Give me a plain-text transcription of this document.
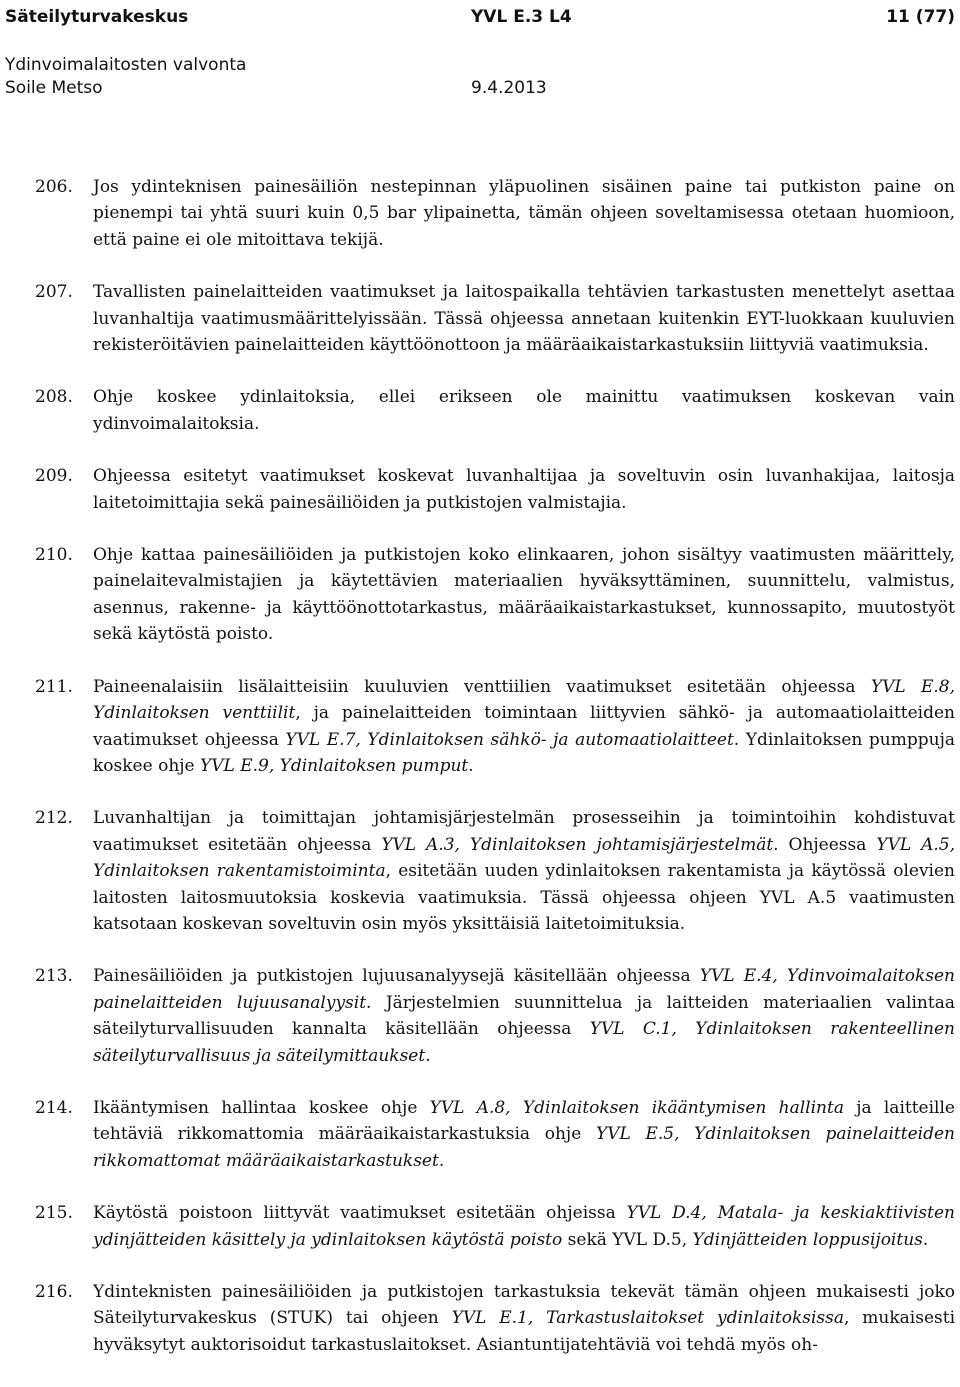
Säteilyturvakeskus	YVL E.3 L4	11 (77)
Ydinvoimalaitosten valvonta
Soile Metso	9.4.2013
206. Jos ydinteknisen painesäiliön nestepinnan yläpuolinen sisäinen paine tai putkiston paine on pienempi tai yhtä suuri kuin 0,5 bar ylipainetta, tämän ohjeen soveltamisessa otetaan huomioon, että paine ei ole mitoittava tekijä.
207. Tavallisten painelaitteiden vaatimukset ja laitospaikalla tehtävien tarkastusten menettelyt asettaa luvanhaltija vaatimusmäärittelyissään. Tässä ohjeessa annetaan kuitenkin EYT-luokkaan kuuluvien rekisteröitävien painelaitteiden käyttöönottoon ja määräaikaistarkastuksiin liittyviä vaatimuksia.
208. Ohje koskee ydinlaitoksia, ellei erikseen ole mainittu vaatimuksen koskevan vain ydinvoimalaitoksia.
209. Ohjeessa esitetyt vaatimukset koskevat luvanhaltijaa ja soveltuvin osin luvanhakijaa, laitosja laitetoimittajia sekä painesäiliöiden ja putkistojen valmistajia.
210. Ohje kattaa painesäiliöiden ja putkistojen koko elinkaaren, johon sisältyy vaatimusten määrittely, painelaitevalmistajien ja käytettävien materiaalien hyväksyttäminen, suunnittelu, valmistus, asennus, rakenne- ja käyttöönottotarkastus, määräaikaistarkastukset, kunnossapito, muutostyöt sekä käytöstä poisto.
211. Paineenalaisiin lisälaitteisiin kuuluvien venttiilien vaatimukset esitetään ohjeessa YVL E.8, Ydinlaitoksen venttiilit, ja painelaitteiden toimintaan liittyvien sähkö- ja automaatiolaitteiden vaatimukset ohjeessa YVL E.7, Ydinlaitoksen sähkö- ja automaatiolaitteet. Ydinlaitoksen pumppuja koskee ohje YVL E.9, Ydinlaitoksen pumput.
212. Luvanhaltijan ja toimittajan johtamisjärjestelmän prosesseihin ja toimintoihin kohdistuvat vaatimukset esitetään ohjeessa YVL A.3, Ydinlaitoksen johtamisjärjestelmät. Ohjeessa YVL A.5, Ydinlaitoksen rakentamistoiminta, esitetään uuden ydinlaitoksen rakentamista ja käytössä olevien laitosten laitosmuutoksia koskevia vaatimuksia. Tässä ohjeessa ohjeen YVL A.5 vaatimusten katsotaan koskevan soveltuvin osin myös yksittäisiä laitetoimituksia.
213. Painesäiliöiden ja putkistojen lujuusanalyysejä käsitellään ohjeessa YVL E.4, Ydinvoimalaitoksen painelaitteiden lujuusanalyysit. Järjestelmien suunnittelua ja laitteiden materiaalien valintaa säteilyturvallisuuden kannalta käsitellään ohjeessa YVL C.1, Ydinlaitoksen rakenteellinen säteilyturvallisuus ja säteilymittaukset.
214. Ikääntymisen hallintaa koskee ohje YVL A.8, Ydinlaitoksen ikääntymisen hallinta ja laitteille tehtäviä rikkomattomia määräaikaistarkastuksia ohje YVL E.5, Ydinlaitoksen painelaitteiden rikkomattomat määräaikaistarkastukset.
215. Käytöstä poistoon liittyvät vaatimukset esitetään ohjeissa YVL D.4, Matala- ja keskiaktiivisten ydinjätteiden käsittely ja ydinlaitoksen käytöstä poisto sekä YVL D.5, Ydinjätteiden loppusijoitus.
216. Ydinteknisten painesäiliöiden ja putkistojen tarkastuksia tekevät tämän ohjeen mukaisesti joko Säteilyturvakeskus (STUK) tai ohjeen YVL E.1, Tarkastuslaitokset ydinlaitoksissa, mukaisesti hyväksytyt auktorisoidut tarkastuslaitokset. Asiantuntijatehtäviä voi tehdä myös oh-
